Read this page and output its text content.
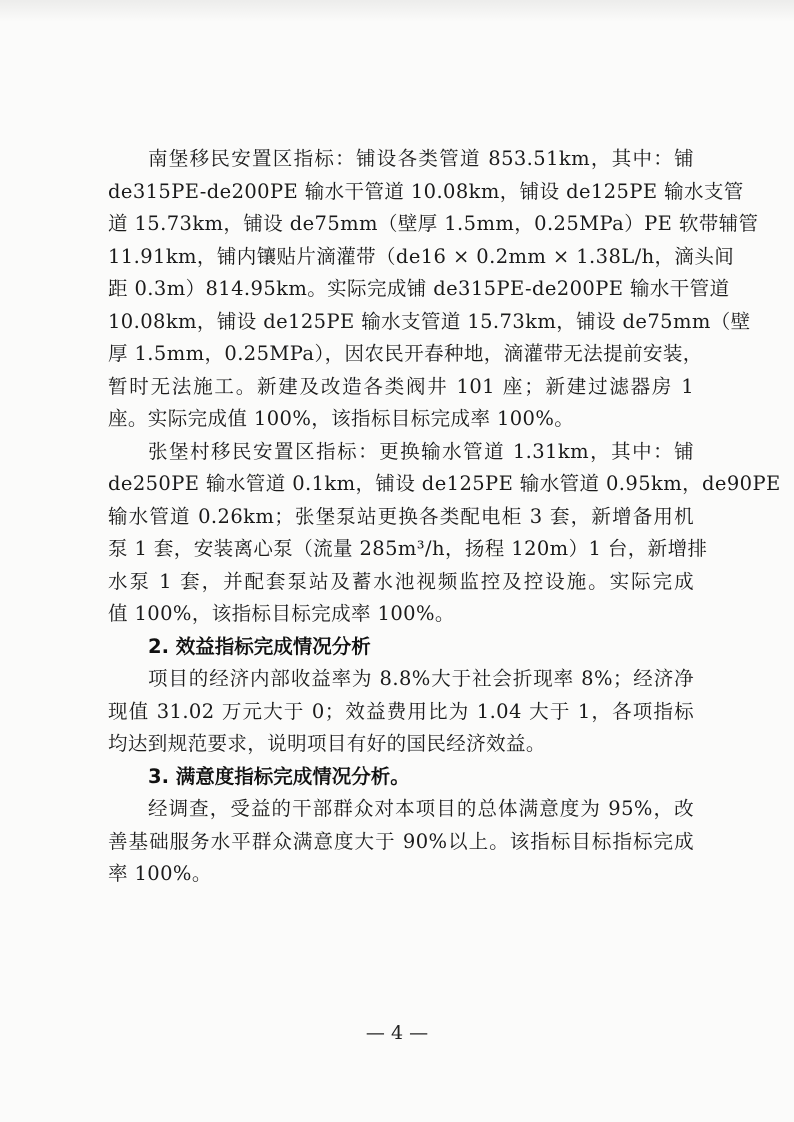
南堡移民安置区指标：铺设各类管道 853.51km，其中：铺
de315PE-de200PE 输水干管道 10.08km，铺设 de125PE 输水支管
道 15.73km，铺设 de75mm（壁厚 1.5mm，0.25MPa）PE 软带辅管
11.91km，铺内镶贴片滴灌带（de16 × 0.2mm × 1.38L/h，滴头间
距 0.3m）814.95km。实际完成铺 de315PE-de200PE 输水干管道
10.08km，铺设 de125PE 输水支管道 15.73km，铺设 de75mm（壁
厚 1.5mm，0.25MPa），因农民开春种地，滴灌带无法提前安装，
暂时无法施工。新建及改造各类阀井 101 座；新建过滤器房 1
座。实际完成值 100%，该指标目标完成率 100%。

张堡村移民安置区指标：更换输水管道 1.31km，其中：铺
de250PE 输水管道 0.1km，铺设 de125PE 输水管道 0.95km，de90PE
输水管道 0.26km；张堡泵站更换各类配电柜 3 套，新增备用机
泵 1 套，安装离心泵（流量 285m³/h，扬程 120m）1 台，新增排
水泵 1 套，并配套泵站及蓄水池视频监控及控设施。实际完成
值 100%，该指标目标完成率 100%。

2. 效益指标完成情况分析

项目的经济内部收益率为 8.8%大于社会折现率 8%；经济净
现值 31.02 万元大于 0；效益费用比为 1.04 大于 1，各项指标
均达到规范要求，说明项目有好的国民经济效益。

3. 满意度指标完成情况分析。

经调查，受益的干部群众对本项目的总体满意度为 95%，改
善基础服务水平群众满意度大于 90%以上。该指标目标指标完成
率 100%。

— 4 —
